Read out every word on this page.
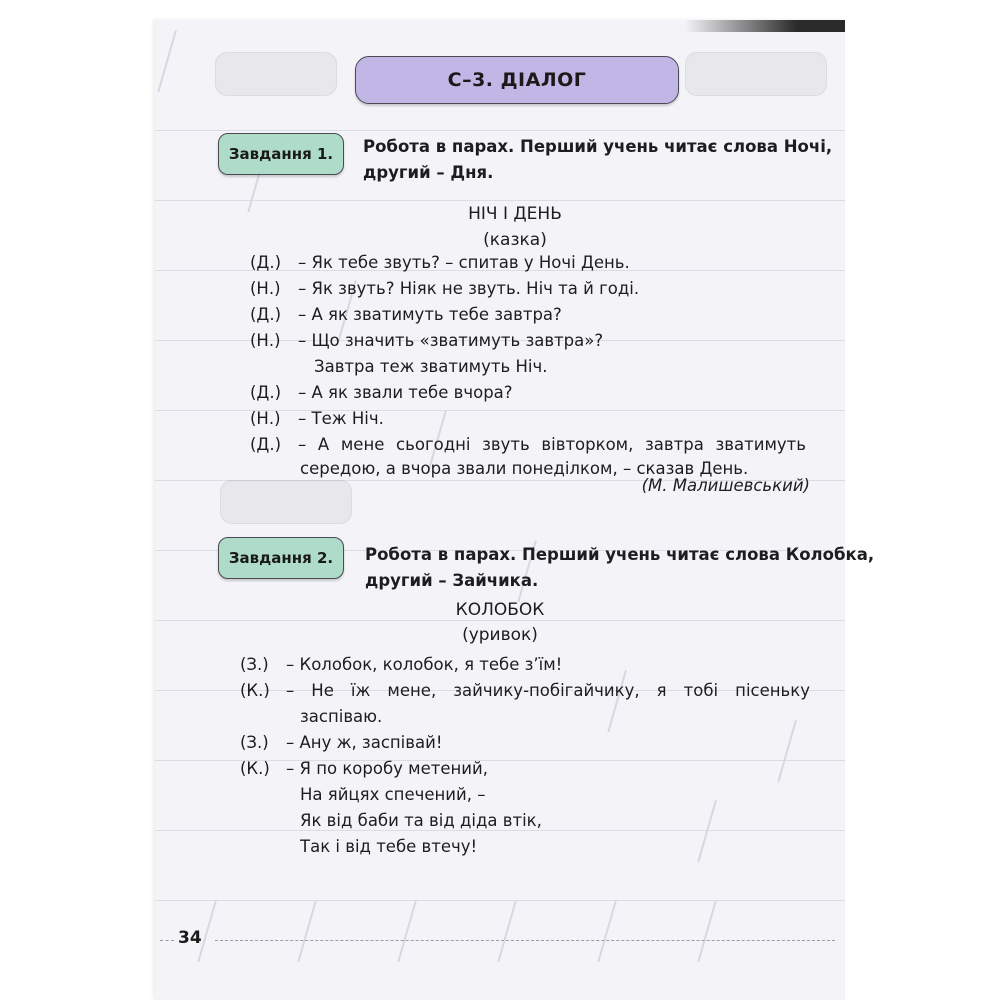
С–3. ДІАЛОГ
Завдання 1.	Робота в парах. Перший учень читає слова Ночі,
другий – Дня.
НІЧ І ДЕНЬ
(казка)
(Д.) – Як тебе звуть? – спитав у Ночі День.
(Н.) – Як звуть? Ніяк не звуть. Ніч та й годі.
(Д.) – А як зватимуть тебе завтра?
(Н.) – Що значить «зватимуть завтра»?
Завтра теж зватимуть Ніч.
(Д.) – А як звали тебе вчора?
(Н.) – Теж Ніч.
(Д.) – А мене сьогодні звуть вівторком, завтра зватимуть
середою, а вчора звали понеділком, – сказав День.
(М. Малишевський)
Завдання 2.	Робота в парах. Перший учень читає слова Колобка,
другий – Зайчика.
КОЛОБОК
(уривок)
(З.) – Колобок, колобок, я тебе з’їм!
(К.) – Не їж мене, зайчику-побігайчику, я тобі пісеньку
заспіваю.
(З.) – Ану ж, заспівай!
(К.) – Я по коробу метений,
На яйцях спечений, –
Як від баби та від діда втік,
Так і від тебе втечу!
34
